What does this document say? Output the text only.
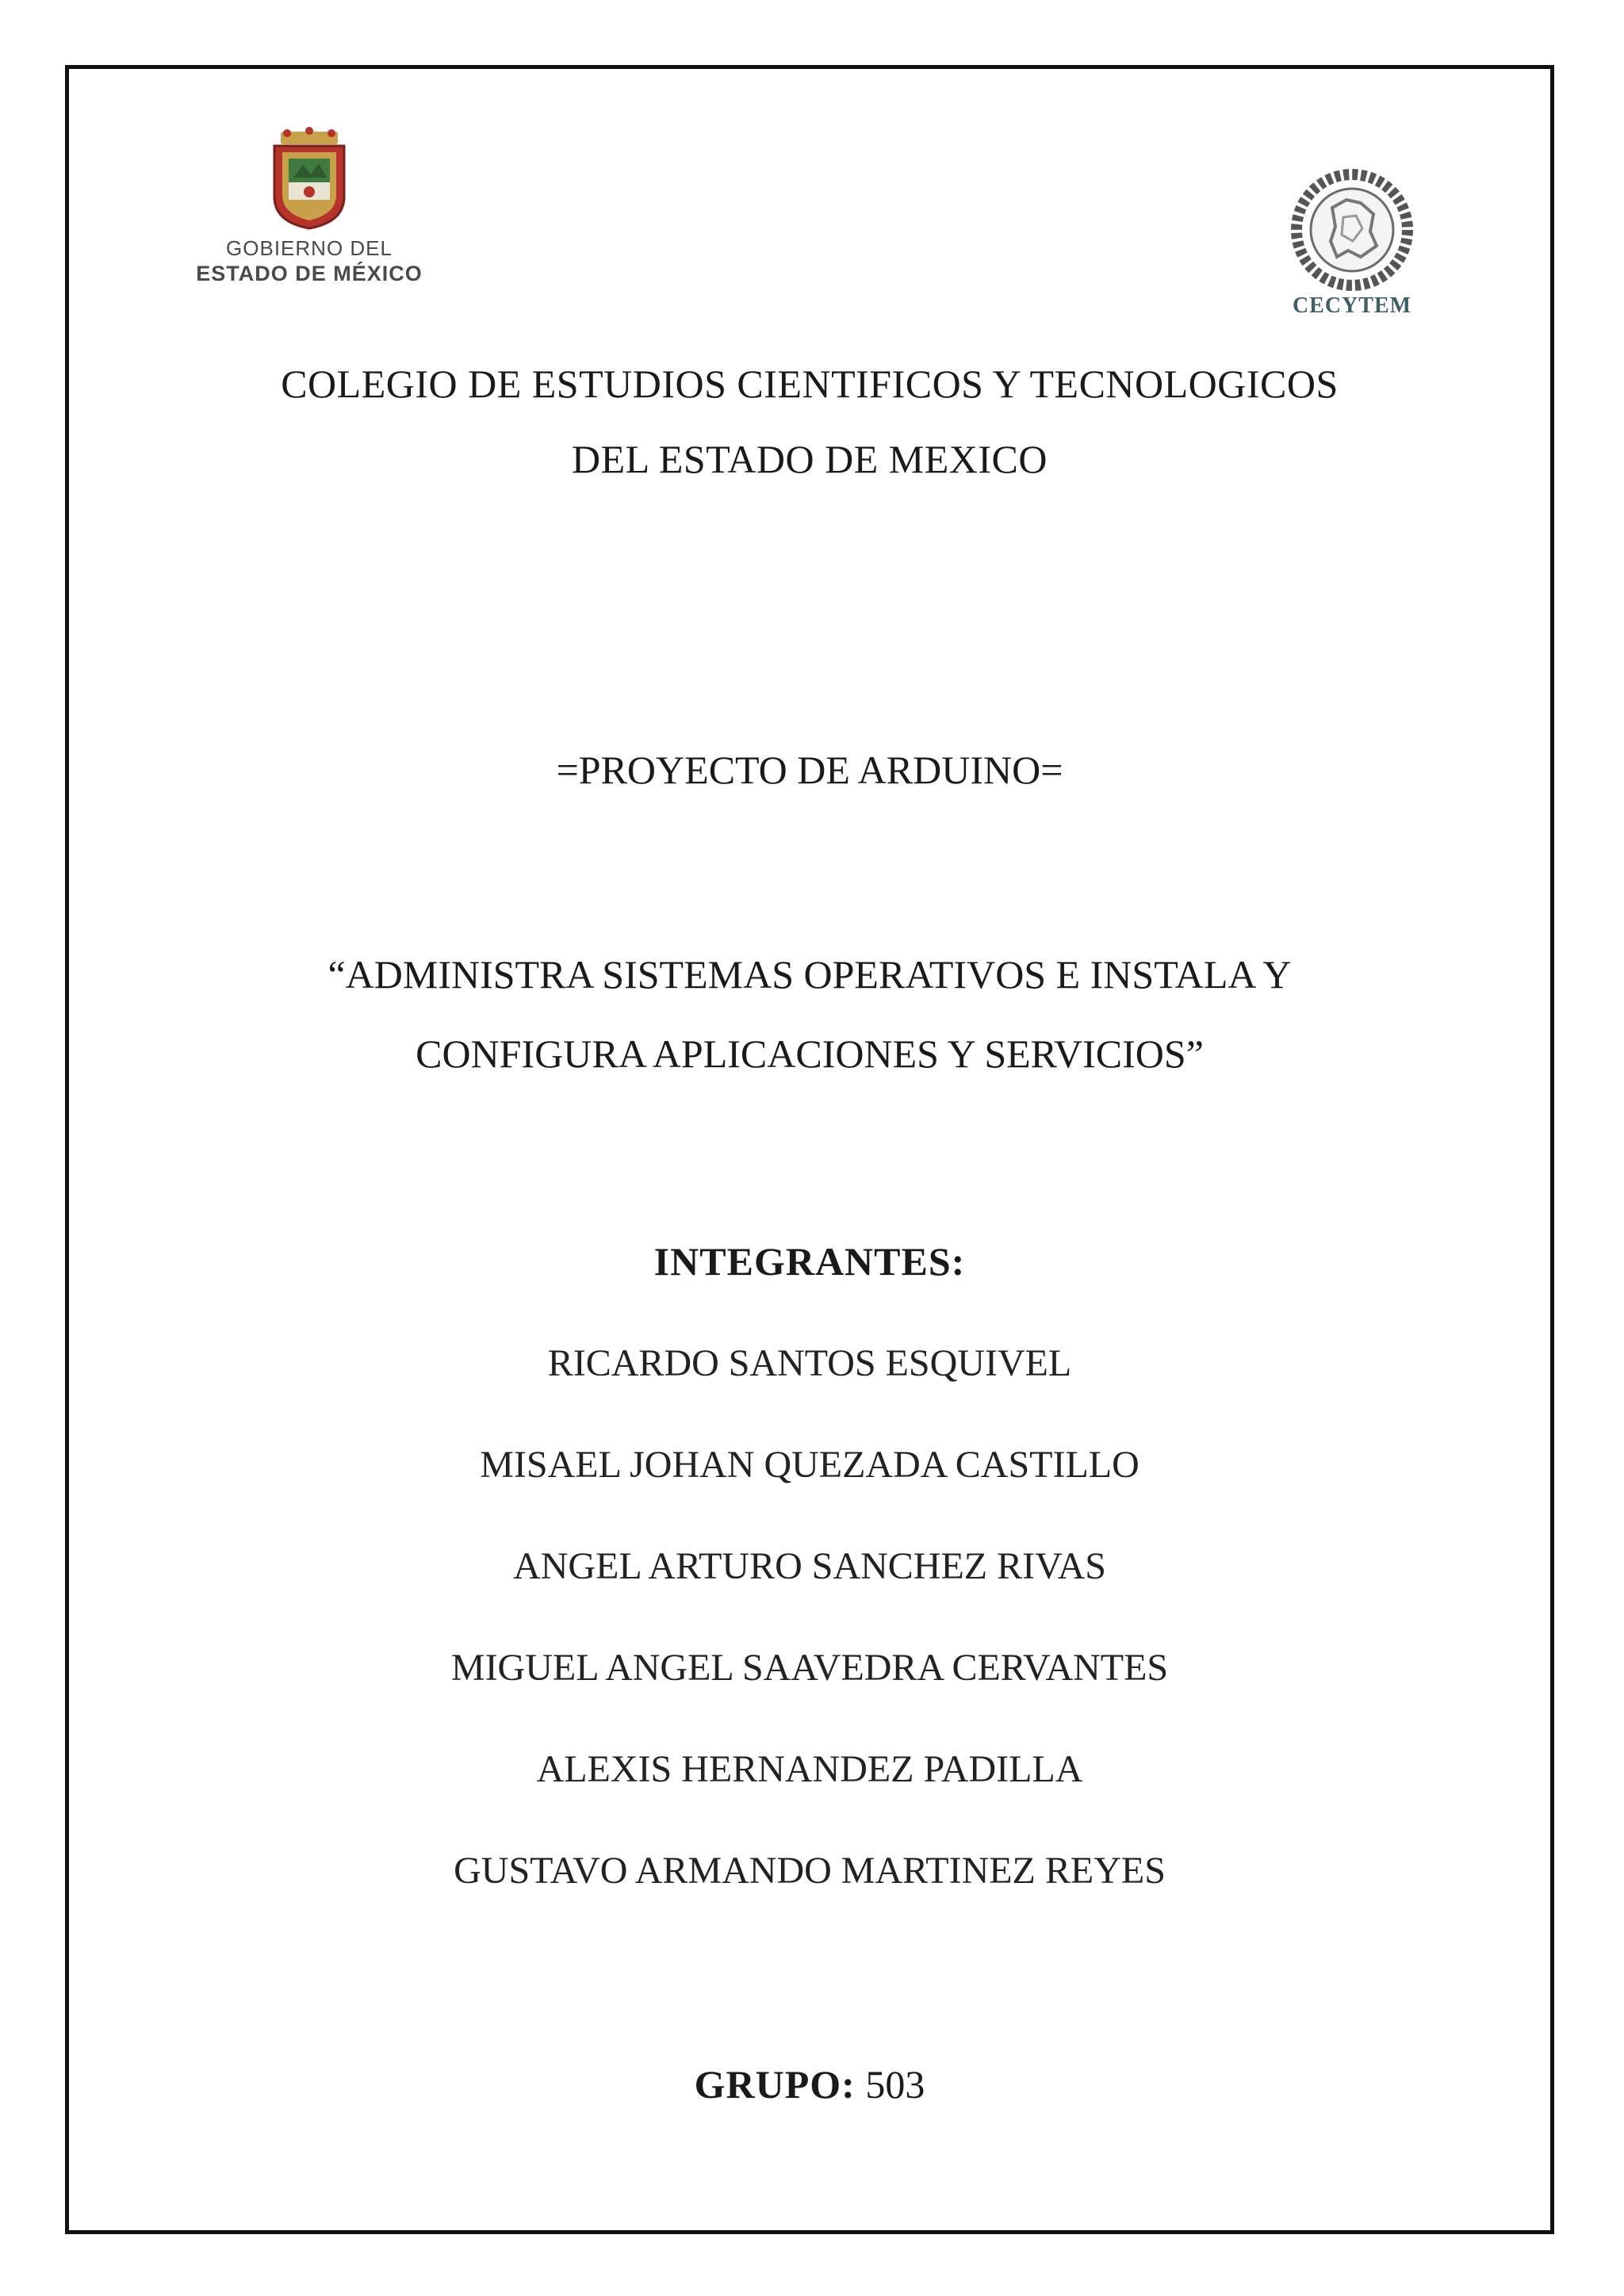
GOBIERNO DEL
ESTADO DE MÉXICO
CECYTEM
COLEGIO DE ESTUDIOS CIENTIFICOS Y TECNOLOGICOS
DEL ESTADO DE MEXICO
=PROYECTO DE ARDUINO=
“ADMINISTRA SISTEMAS OPERATIVOS E INSTALA Y
CONFIGURA APLICACIONES Y SERVICIOS”
INTEGRANTES:
RICARDO SANTOS ESQUIVEL
MISAEL JOHAN QUEZADA CASTILLO
ANGEL ARTURO SANCHEZ RIVAS
MIGUEL ANGEL SAAVEDRA CERVANTES
ALEXIS HERNANDEZ PADILLA
GUSTAVO ARMANDO MARTINEZ REYES
GRUPO: 503
